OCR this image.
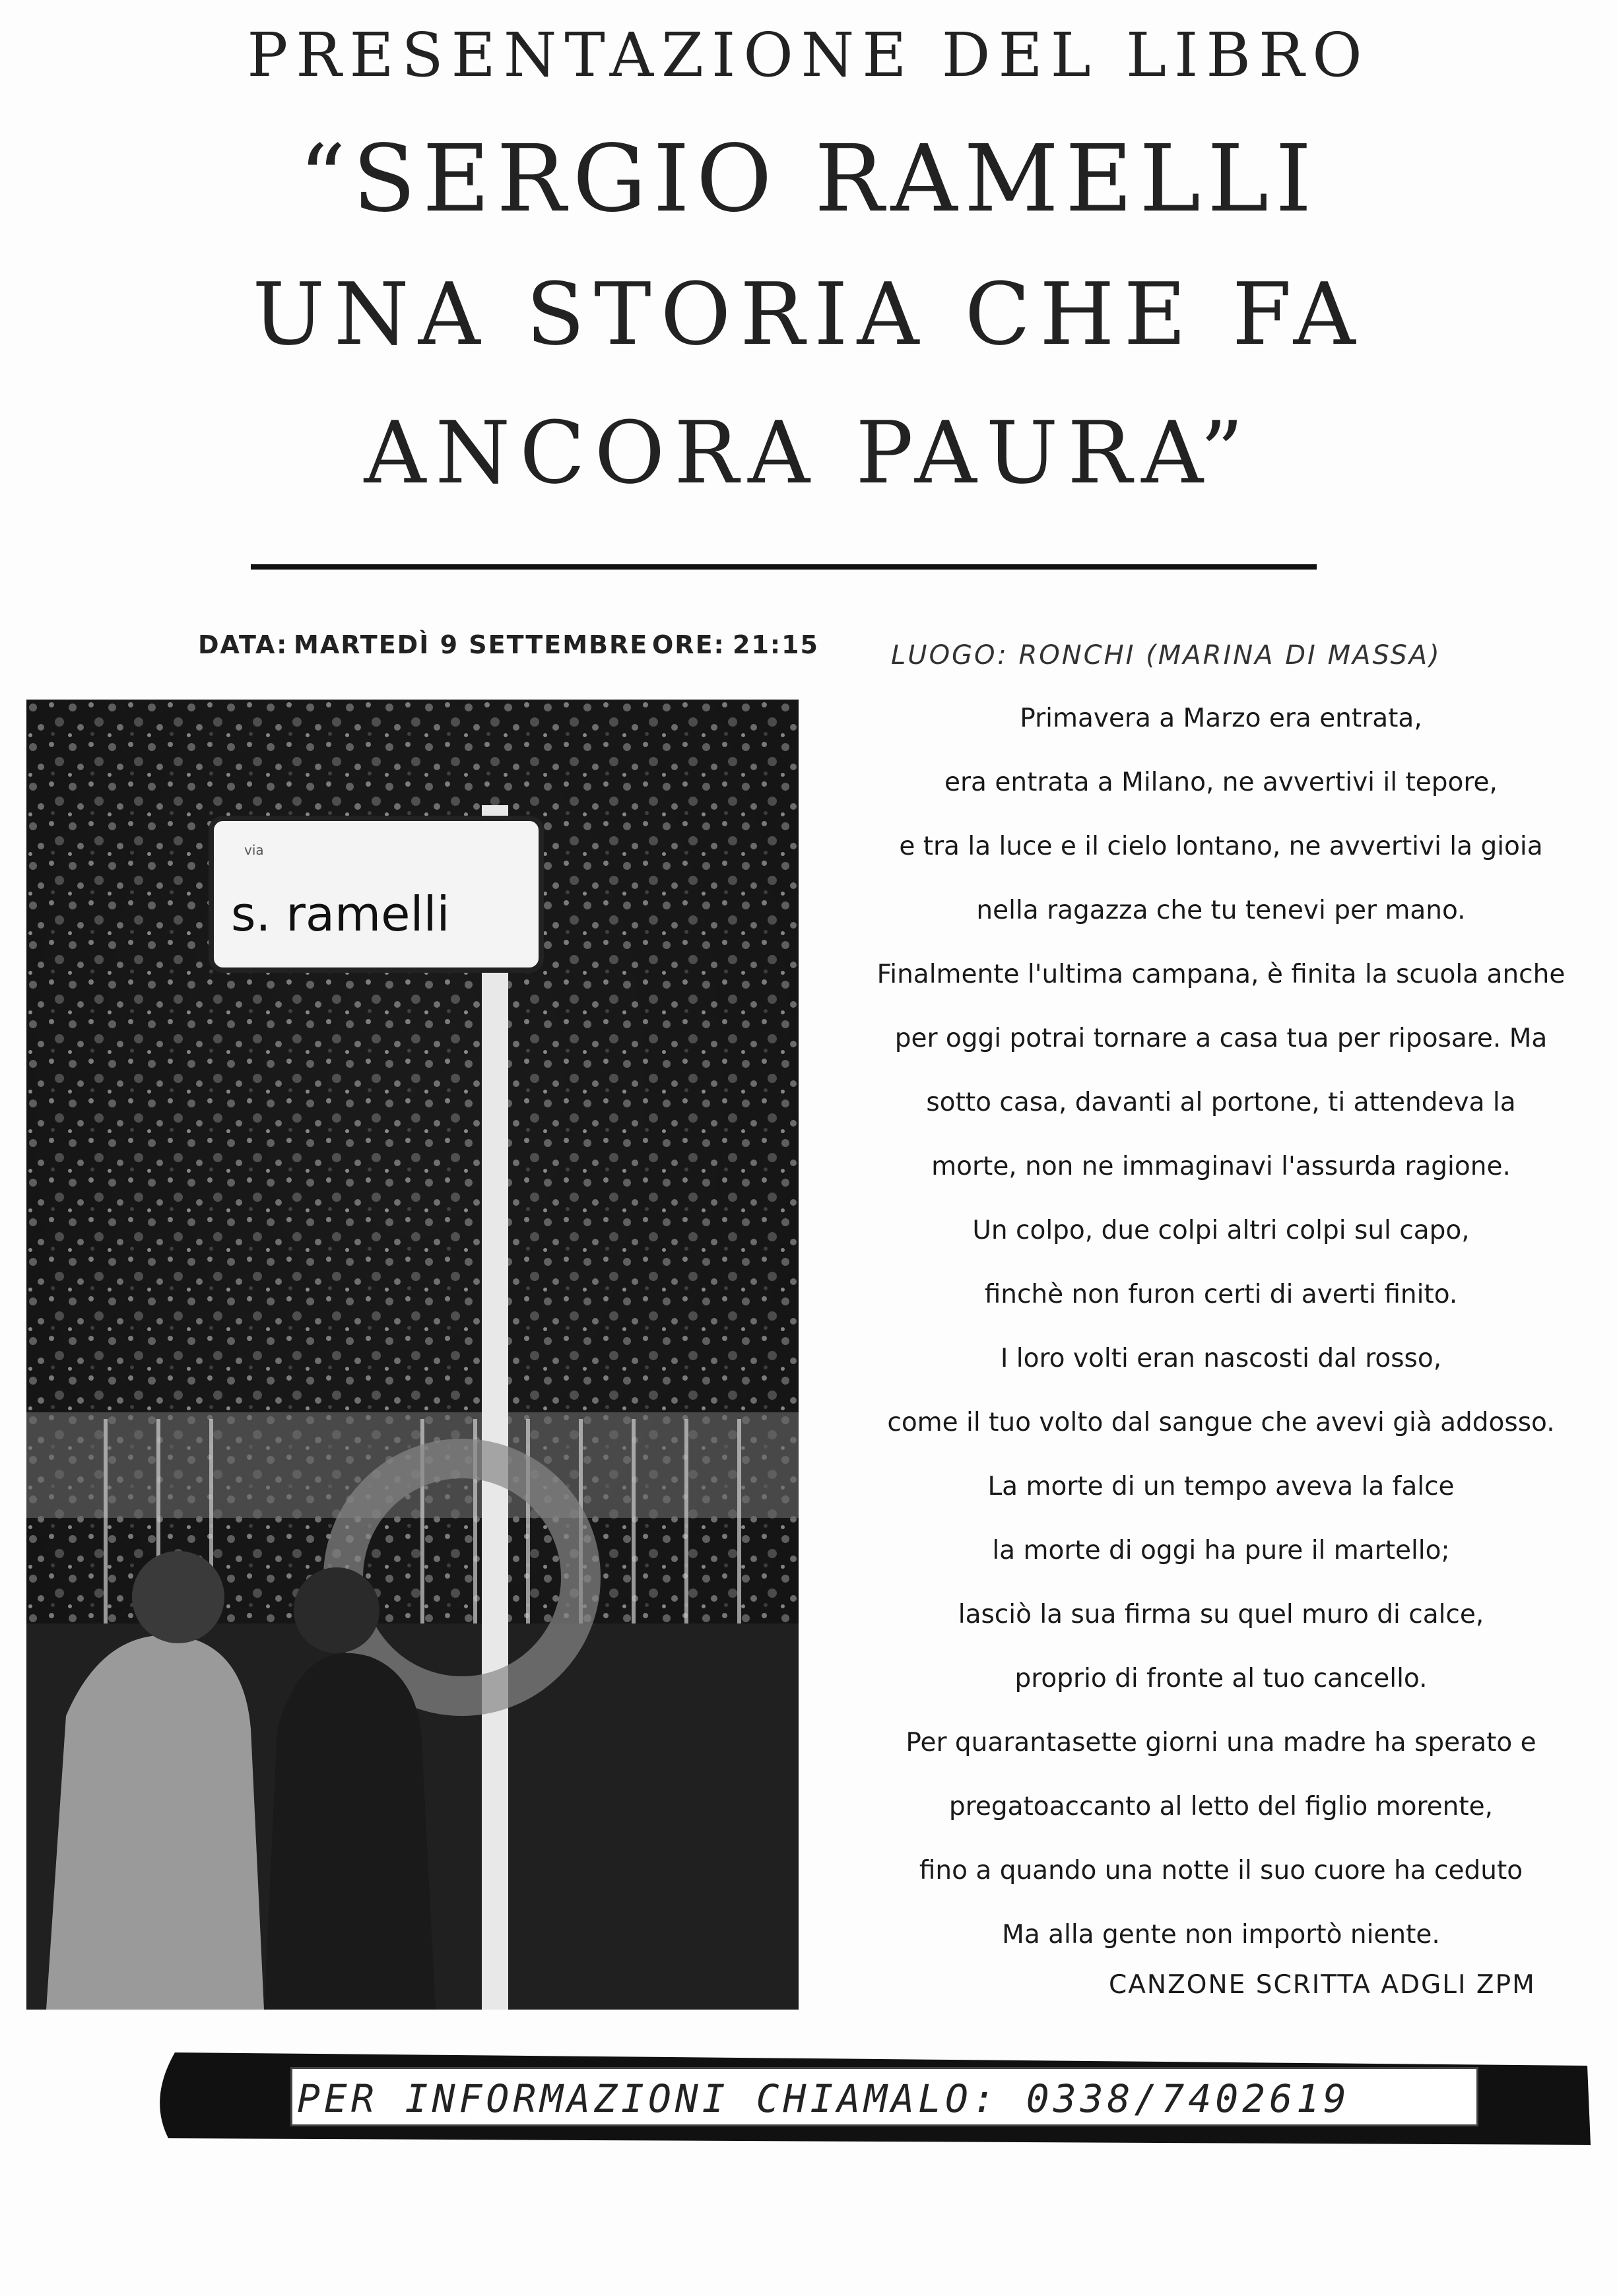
PRESENTAZIONE DEL LIBRO
“SERGIO RAMELLI
UNA STORIA CHE FA
ANCORA PAURA”
DATA: MARTEDÌ 9 SETTEMBRE ORE: 21:15	LUOGO: RONCHI (MARINA DI MASSA)
via
s. ramelli
Primavera a Marzo era entrata,
era entrata a Milano, ne avvertivi il tepore,
e tra la luce e il cielo lontano, ne avvertivi la gioia
nella ragazza che tu tenevi per mano.
Finalmente l'ultima campana, è finita la scuola anche
per oggi potrai tornare a casa tua per riposare. Ma
sotto casa, davanti al portone, ti attendeva la
morte, non ne immaginavi l'assurda ragione.
Un colpo, due colpi altri colpi sul capo,
finchè non furon certi di averti finito.
I loro volti eran nascosti dal rosso,
come il tuo volto dal sangue che avevi già addosso.
La morte di un tempo aveva la falce
la morte di oggi ha pure il martello;
lasciò la sua firma su quel muro di calce,
proprio di fronte al tuo cancello.
Per quarantasette giorni una madre ha sperato e
pregatoaccanto al letto del figlio morente,
fino a quando una notte il suo cuore ha ceduto
Ma alla gente non importò niente.
CANZONE SCRITTA ADGLI ZPM
PER INFORMAZIONI CHIAMALO: 0338/7402619
